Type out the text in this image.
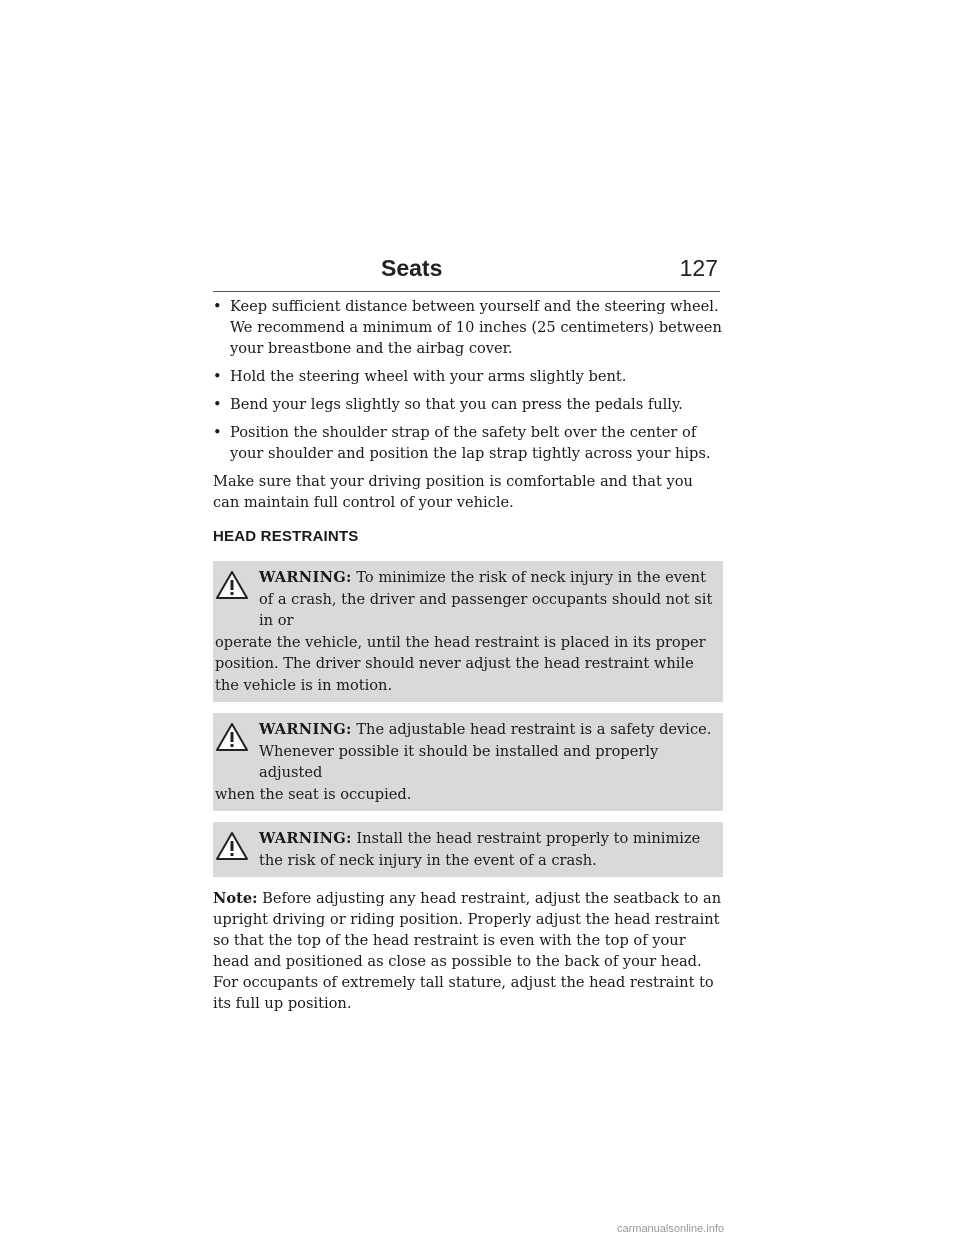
Seats	127
• Keep sufficient distance between yourself and the steering wheel. We recommend a minimum of 10 inches (25 centimeters) between your breastbone and the airbag cover.
• Hold the steering wheel with your arms slightly bent.
• Bend your legs slightly so that you can press the pedals fully.
• Position the shoulder strap of the safety belt over the center of your shoulder and position the lap strap tightly across your hips.

Make sure that your driving position is comfortable and that you can maintain full control of your vehicle.

HEAD RESTRAINTS
WARNING: To minimize the risk of neck injury in the event of a crash, the driver and passenger occupants should not sit in or
operate the vehicle, until the head restraint is placed in its proper position. The driver should never adjust the head restraint while the vehicle is in motion.
WARNING: The adjustable head restraint is a safety device. Whenever possible it should be installed and properly adjusted
when the seat is occupied.
WARNING: Install the head restraint properly to minimize the risk of neck injury in the event of a crash.

Note: Before adjusting any head restraint, adjust the seatback to an upright driving or riding position. Properly adjust the head restraint so that the top of the head restraint is even with the top of your head and positioned as close as possible to the back of your head. For occupants of extremely tall stature, adjust the head restraint to its full up position.

carmanualsonline.info
